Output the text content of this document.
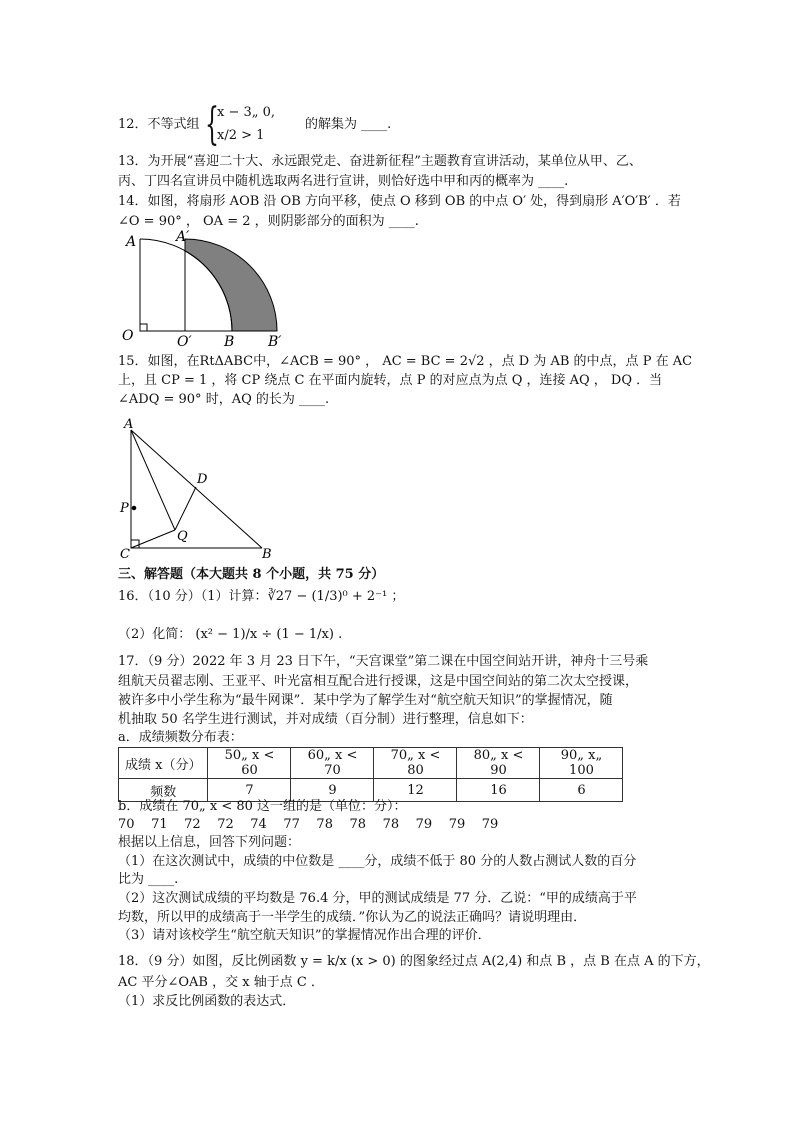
12．不等式组 {
x − 3„ 0,
x/2 > 1
的解集为 ____.
13．为开展“喜迎二十大、永远跟党走、奋进新征程”主题教育宣讲活动，某单位从甲、乙、
丙、丁四名宣讲员中随机选取两名进行宣讲，则恰好选中甲和丙的概率为 ____.
14．如图，将扇形 AOB 沿 OB 方向平移，使点 O 移到 OB 的中点 O′ 处，得到扇形 A′O′B′ ．若
∠O = 90° ， OA = 2 ，则阴影部分的面积为 ____.
A	A′
O	O′ B B′
A
D
P
Q
C	B
15．如图，在RtΔABC中，∠ACB = 90° ， AC = BC = 2√2 ，点 D 为 AB 的中点，点 P 在 AC
上，且 CP = 1 ，将 CP 绕点 C 在平面内旋转，点 P 的对应点为点 Q ，连接 AQ ， DQ ．当
∠ADQ = 90° 时，AQ 的长为 ____.
三、解答题（本大题共 8 个小题，共 75 分）
16．（10 分）（1）计算：∛27 − (1/3)⁰ + 2⁻¹ ；
（2）化简： (x² − 1)/x ÷ (1 − 1/x) .
17．（9 分）2022 年 3 月 23 日下午，“天宫课堂”第二课在中国空间站开讲，神舟十三号乘
组航天员翟志刚、王亚平、叶光富相互配合进行授课，这是中国空间站的第二次太空授课，
被许多中小学生称为“最牛网课”．某中学为了解学生对“航空航天知识”的掌握情况，随
机抽取 50 名学生进行测试，并对成绩（百分制）进行整理，信息如下：
a．成绩频数分布表：
成绩 x（分）	50„ x < 60	60„ x < 70	70„ x < 80	80„ x < 90	90„ x„ 100
频数	7	9	12	16	6
b．成绩在 70„ x < 80 这一组的是（单位：分）：
70    71    72    72    74    77    78    78    78    79    79    79
根据以上信息，回答下列问题：
（1）在这次测试中，成绩的中位数是 ____分，成绩不低于 80 分的人数占测试人数的百分
比为 ____.
（2）这次测试成绩的平均数是 76.4 分，甲的测试成绩是 77 分．乙说：“甲的成绩高于平
均数，所以甲的成绩高于一半学生的成绩．”你认为乙的说法正确吗？请说明理由．
（3）请对该校学生“航空航天知识”的掌握情况作出合理的评价．
18．（9 分）如图，反比例函数 y = k/x (x > 0) 的图象经过点 A(2,4) 和点 B ，点 B 在点 A 的下方，
AC 平分∠OAB ，交 x 轴于点 C ．
（1）求反比例函数的表达式．
